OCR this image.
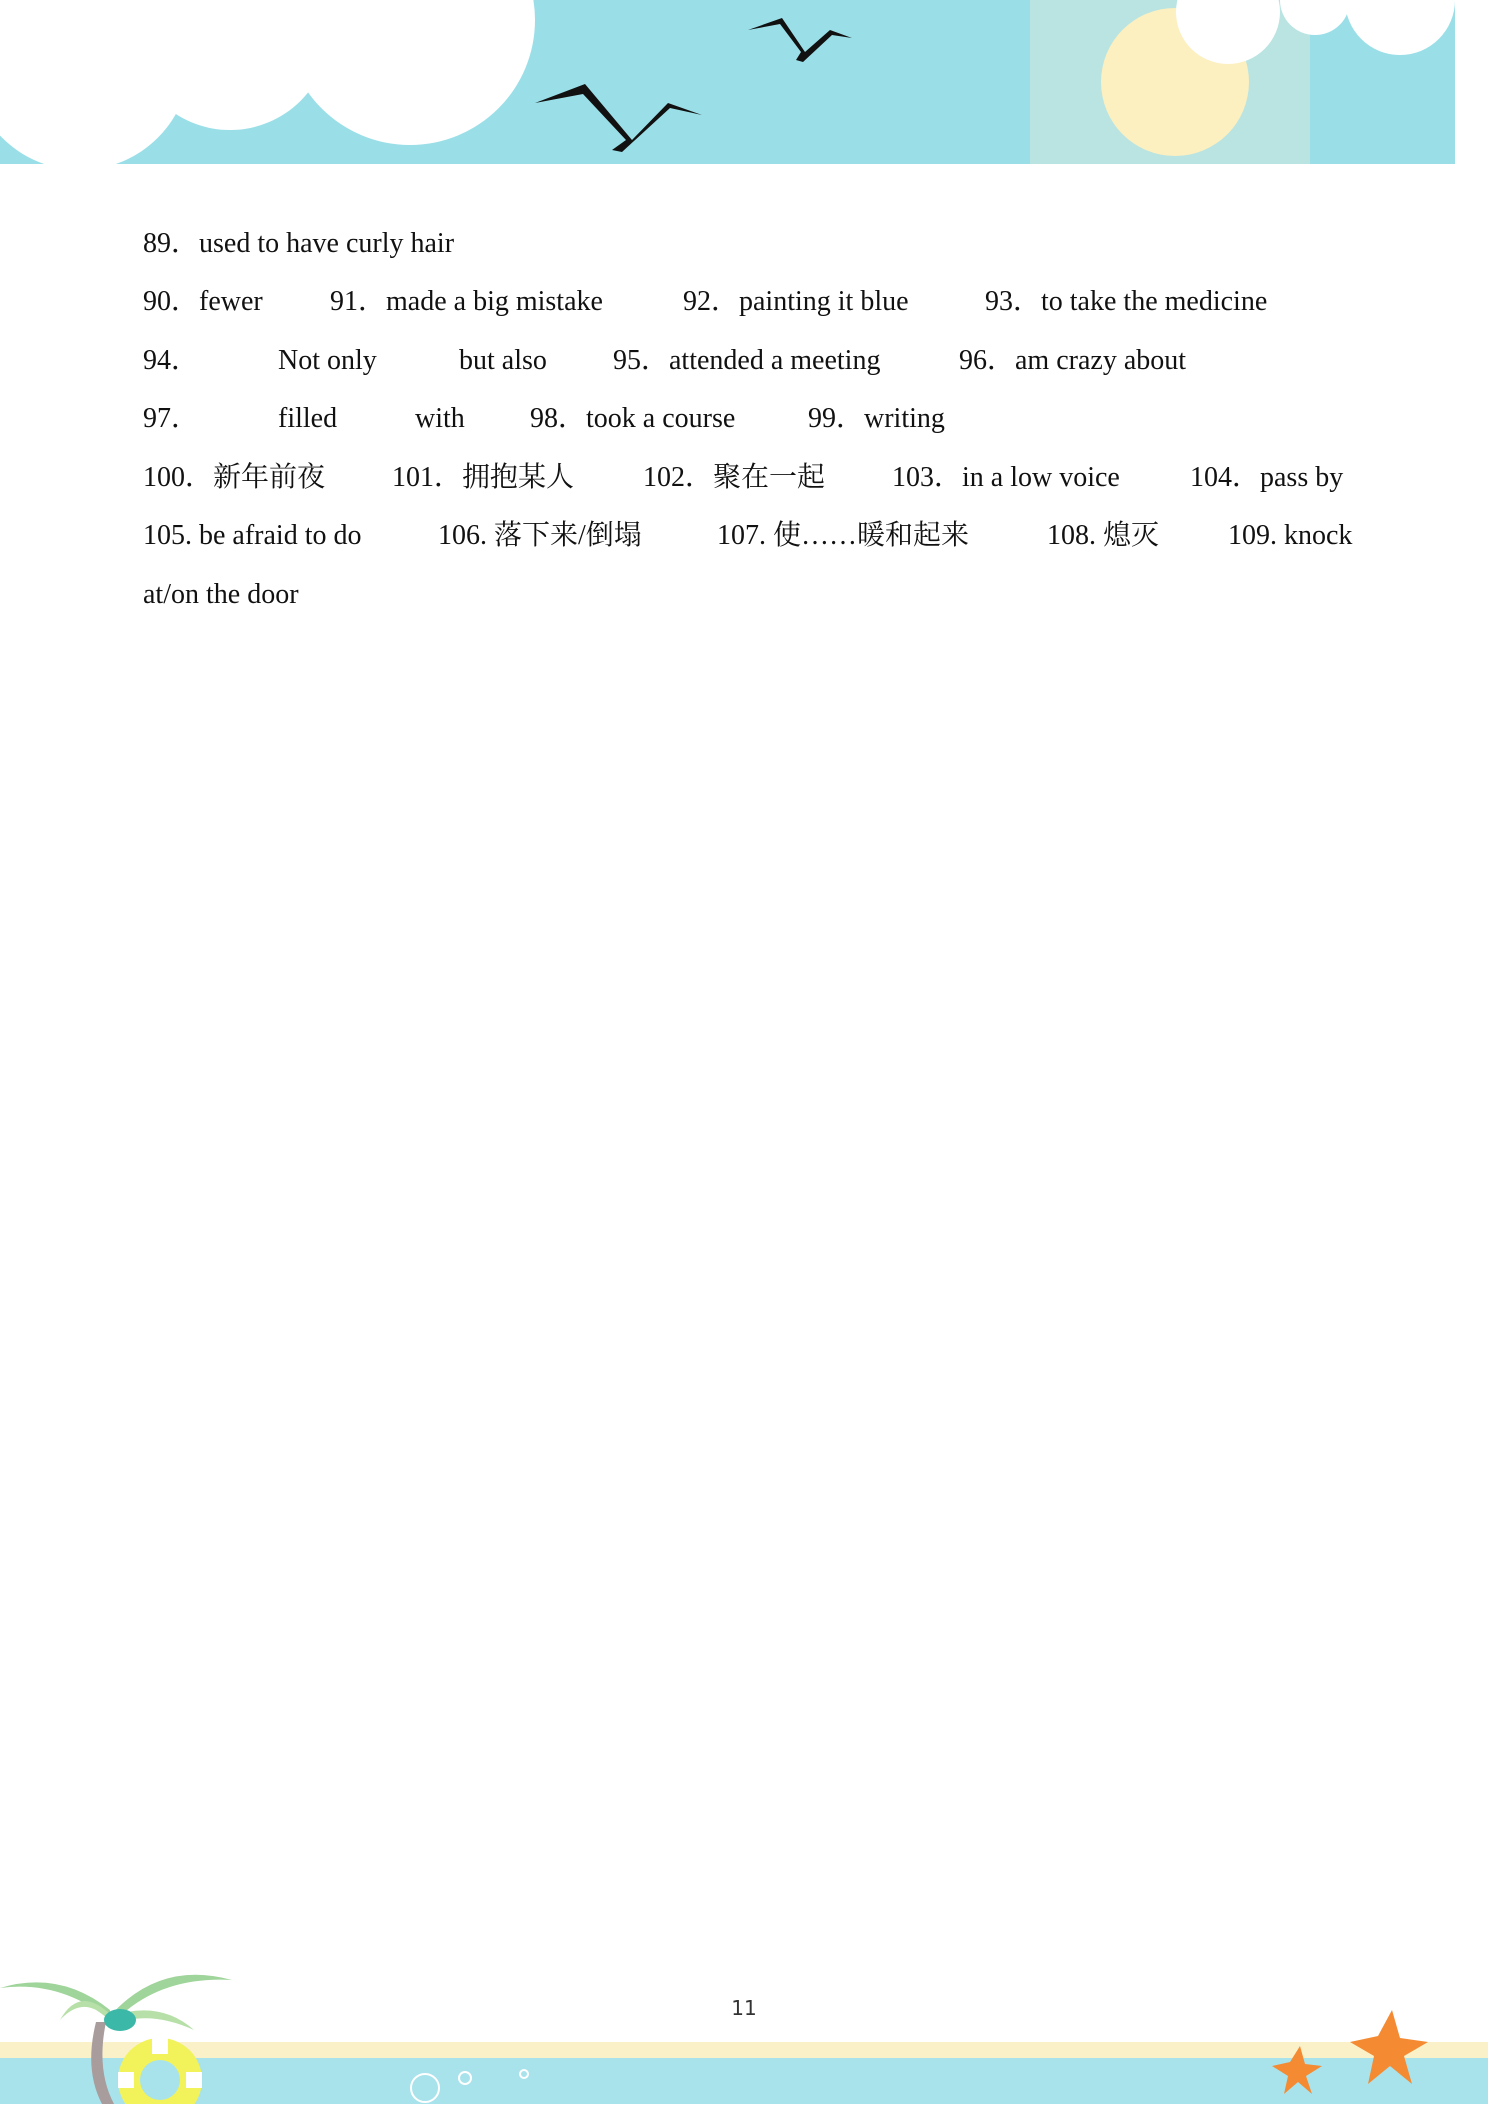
89．used to have curly hair
90．fewer 91．made a big mistake	92．painting it blue	93．to take the medicine
94．	Not only	but also 95．attended a meeting	96．am crazy about
97．	filled	with 98．took a course	99．writing
100．新年前夜 101．拥抱某人 102．聚在一起 103．in a low voice	104．pass by
105. be afraid to do	106. 落下来/倒塌	107. 使……暖和起来	108. 熄灭 109. knock
at/on the door
11
